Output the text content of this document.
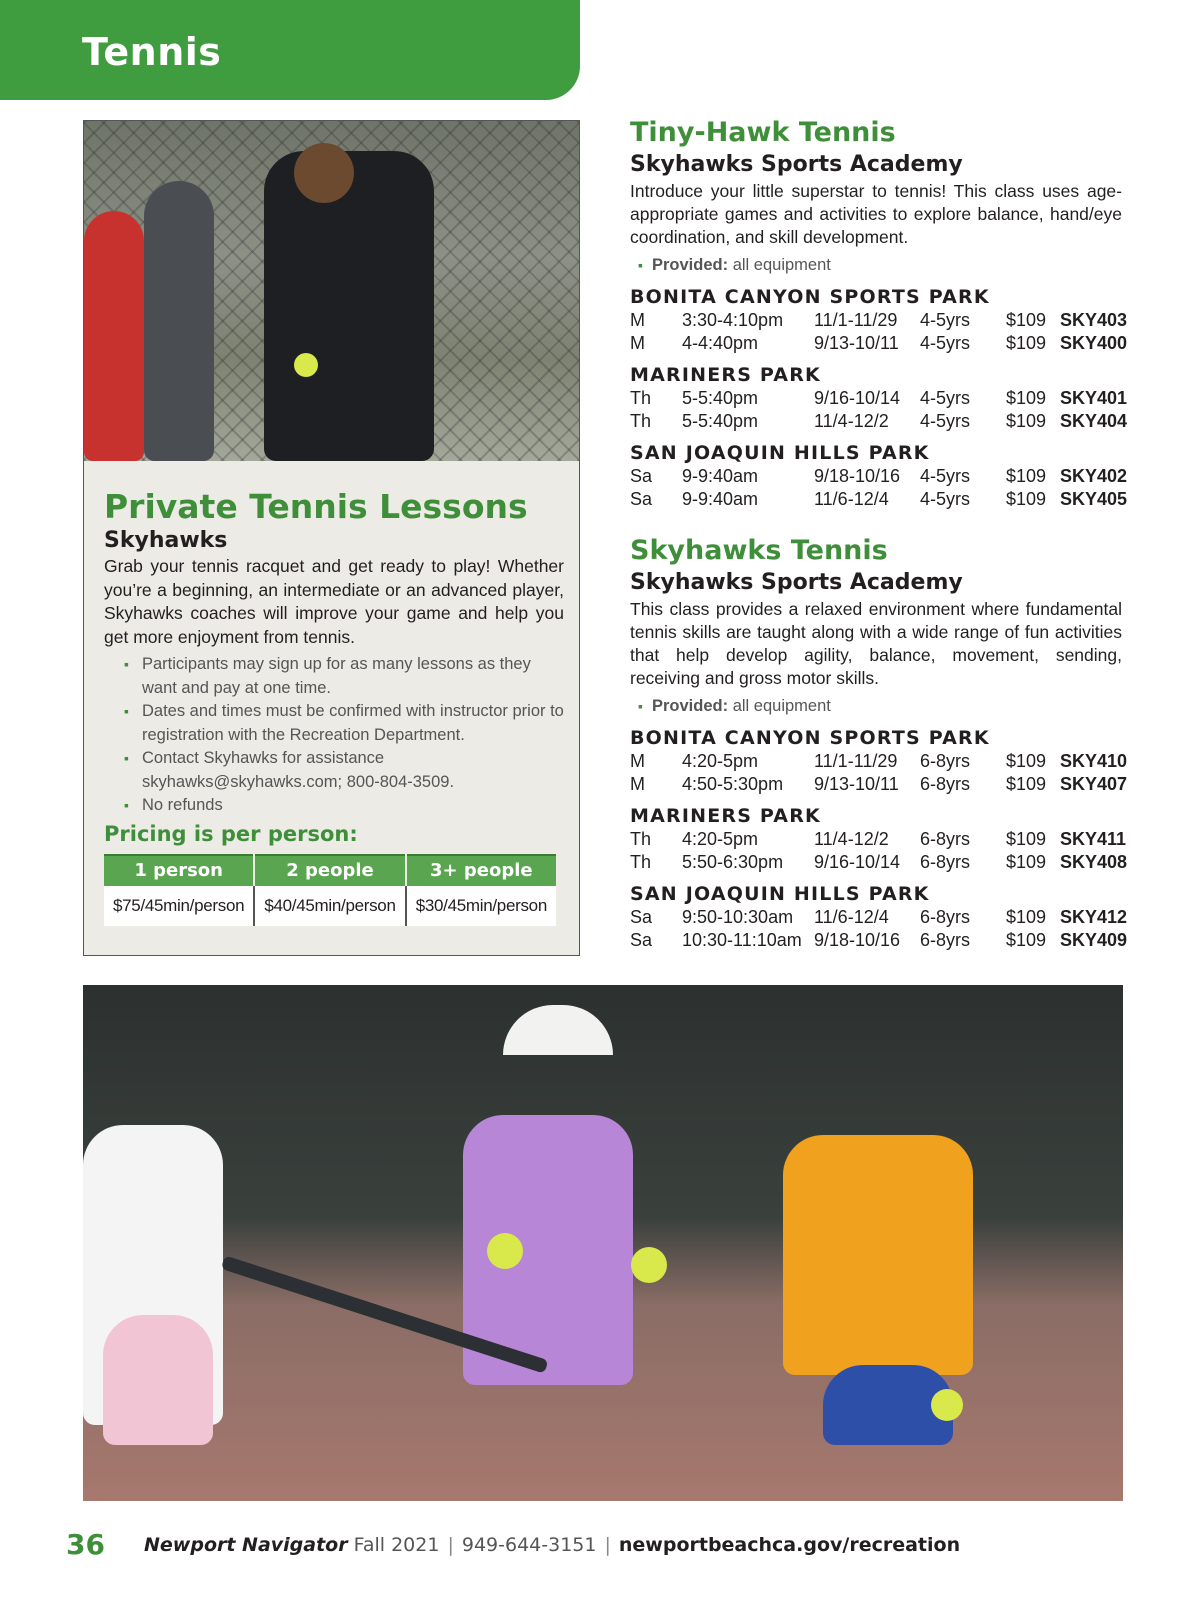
Tennis
Private Tennis Lessons
Skyhawks
Grab your tennis racquet and get ready to play! Whether you’re a beginning, an intermediate or an advanced player, Skyhawks coaches will improve your game and help you get more enjoyment from tennis.
▪ Participants may sign up for as many lessons as they want and pay at one time.
▪ Dates and times must be confirmed with instructor prior to registration with the Recreation Department.
▪ Contact Skyhawks for assistance skyhawks@skyhawks.com; 800-804-3509.
▪ No refunds
Pricing is per person:
1 person	2 people	3+ people
$75/45min/person	$40/45min/person	$30/45min/person
Tiny-Hawk Tennis
Skyhawks Sports Academy
Introduce your little superstar to tennis! This class uses age-appropriate games and activities to explore balance, hand/eye coordination, and skill development.
▪ Provided: all equipment
BONITA CANYON SPORTS PARK
M	3:30-4:10pm	11/1-11/29	4-5yrs	$109 SKY403
M	4-4:40pm	9/13-10/11	4-5yrs	$109 SKY400
MARINERS PARK
Th	5-5:40pm	9/16-10/14	4-5yrs	$109 SKY401
Th	5-5:40pm	11/4-12/2	4-5yrs	$109 SKY404
SAN JOAQUIN HILLS PARK
Sa	9-9:40am	9/18-10/16	4-5yrs	$109 SKY402
Sa	9-9:40am	11/6-12/4	4-5yrs	$109 SKY405
Skyhawks Tennis
Skyhawks Sports Academy
This class provides a relaxed environment where fundamental tennis skills are taught along with a wide range of fun activities that help develop agility, balance, movement, sending, receiving and gross motor skills.
▪ Provided: all equipment
BONITA CANYON SPORTS PARK
M	4:20-5pm	11/1-11/29	6-8yrs	$109 SKY410
M	4:50-5:30pm	9/13-10/11	6-8yrs	$109 SKY407
MARINERS PARK
Th	4:20-5pm	11/4-12/2	6-8yrs	$109 SKY411
Th	5:50-6:30pm	9/16-10/14	6-8yrs	$109 SKY408
SAN JOAQUIN HILLS PARK
Sa	9:50-10:30am	11/6-12/4	6-8yrs	$109 SKY412
Sa	10:30-11:10am 9/18-10/16	6-8yrs	$109 SKY409
36 Newport Navigator Fall 2021 | 949-644-3151 | newportbeachca.gov/recreation
